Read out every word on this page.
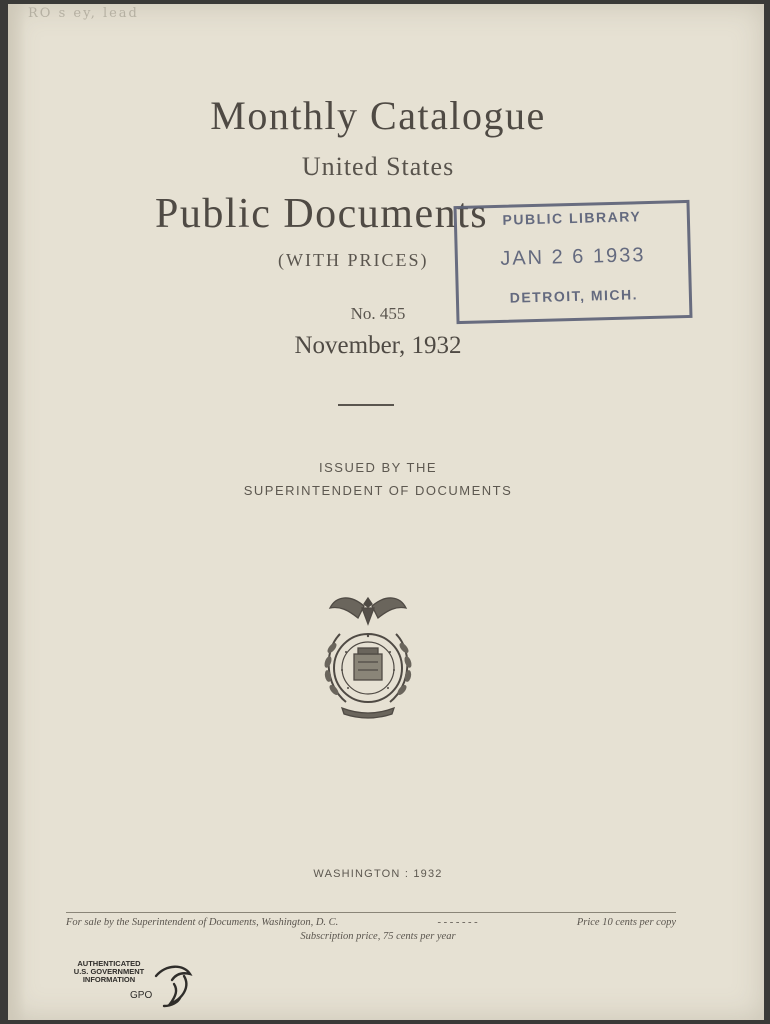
RO s ey, lead
Monthly Catalogue
United States
Public Documents
(WITH PRICES)
PUBLIC LIBRARY
JAN 2 6 1933
DETROIT, MICH.
No. 455
November, 1932
ISSUED BY THE
SUPERINTENDENT OF DOCUMENTS
WASHINGTON : 1932
For sale by the Superintendent of Documents, Washington, D. C.	- - - - - - -	Price 10 cents per copy
Subscription price, 75 cents per year
AUTHENTICATED
U.S. GOVERNMENT
INFORMATION
GPO
